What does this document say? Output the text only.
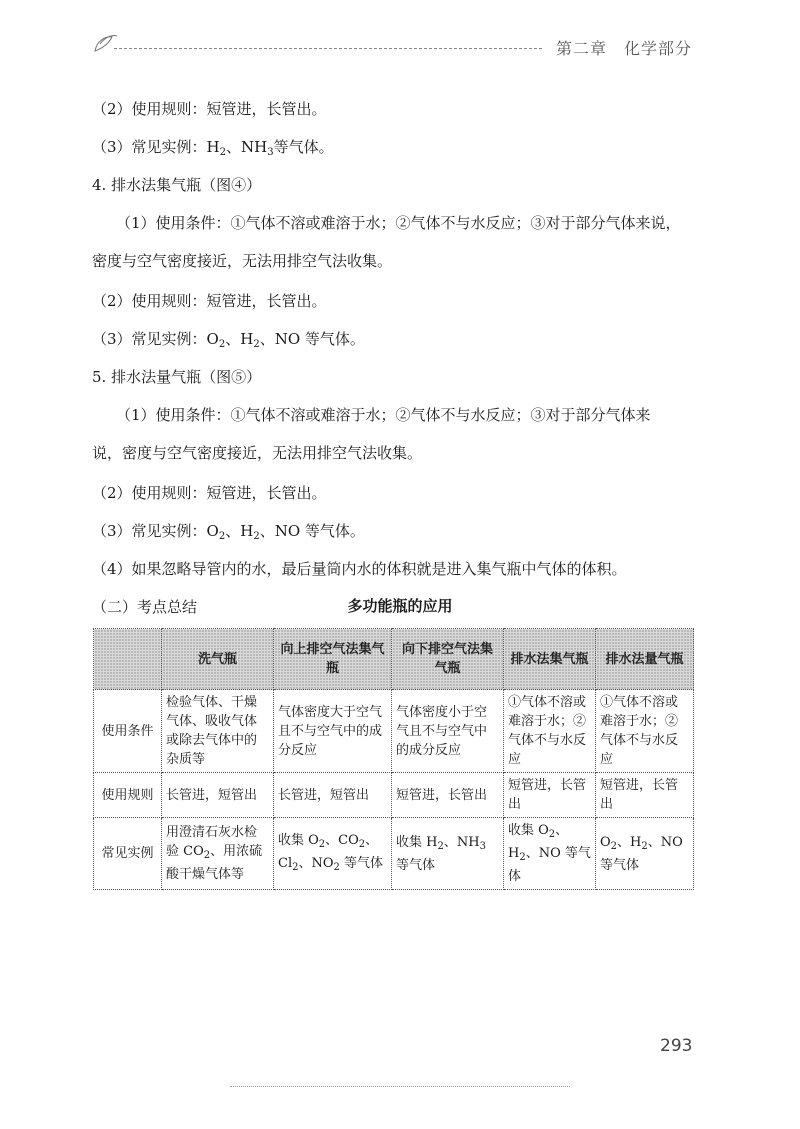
第二章　化学部分

（2）使用规则：短管进，长管出。

（3）常见实例：$H_2$、$NH_3$等气体。

4. 排水法集气瓶（图④）

（1）使用条件：①气体不溶或难溶于水；②气体不与水反应；③对于部分气体来说，
密度与空气密度接近，无法用排空气法收集。

（2）使用规则：短管进，长管出。

（3）常见实例：$O_2$、$H_2$、NO 等气体。

5. 排水法量气瓶（图⑤）

（1）使用条件：①气体不溶或难溶于水；②气体不与水反应；③对于部分气体来
说，密度与空气密度接近，无法用排空气法收集。

（2）使用规则：短管进，长管出。

（3）常见实例：$O_2$、$H_2$、NO 等气体。

（4）如果忽略导管内的水，最后量筒内水的体积就是进入集气瓶中气体的体积。

（二）考点总结	多功能瓶的应用
	洗气瓶	向上排空气法集气瓶	向下排空气法集气瓶	排水法集气瓶	排水法量气瓶
使用条件	检验气体、干燥气体、吸收气体或除去气体中的杂质等	气体密度大于空气且不与空气中的成分反应	气体密度小于空气且不与空气中的成分反应	①气体不溶或难溶于水；②气体不与水反应	①气体不溶或难溶于水；②气体不与水反应
使用规则	长管进，短管出	长管进，短管出	短管进，长管出	短管进，长管出	短管进，长管出
常见实例	用澄清石灰水检验 $CO_2$、用浓硫酸干燥气体等	收集 $O_2$、$CO_2$、$Cl_2$、$NO_2$ 等气体	收集 $H_2$、$NH_3$ 等气体	收集 $O_2$、$H_2$、NO 等气体	$O_2$、$H_2$、NO 等气体
293
